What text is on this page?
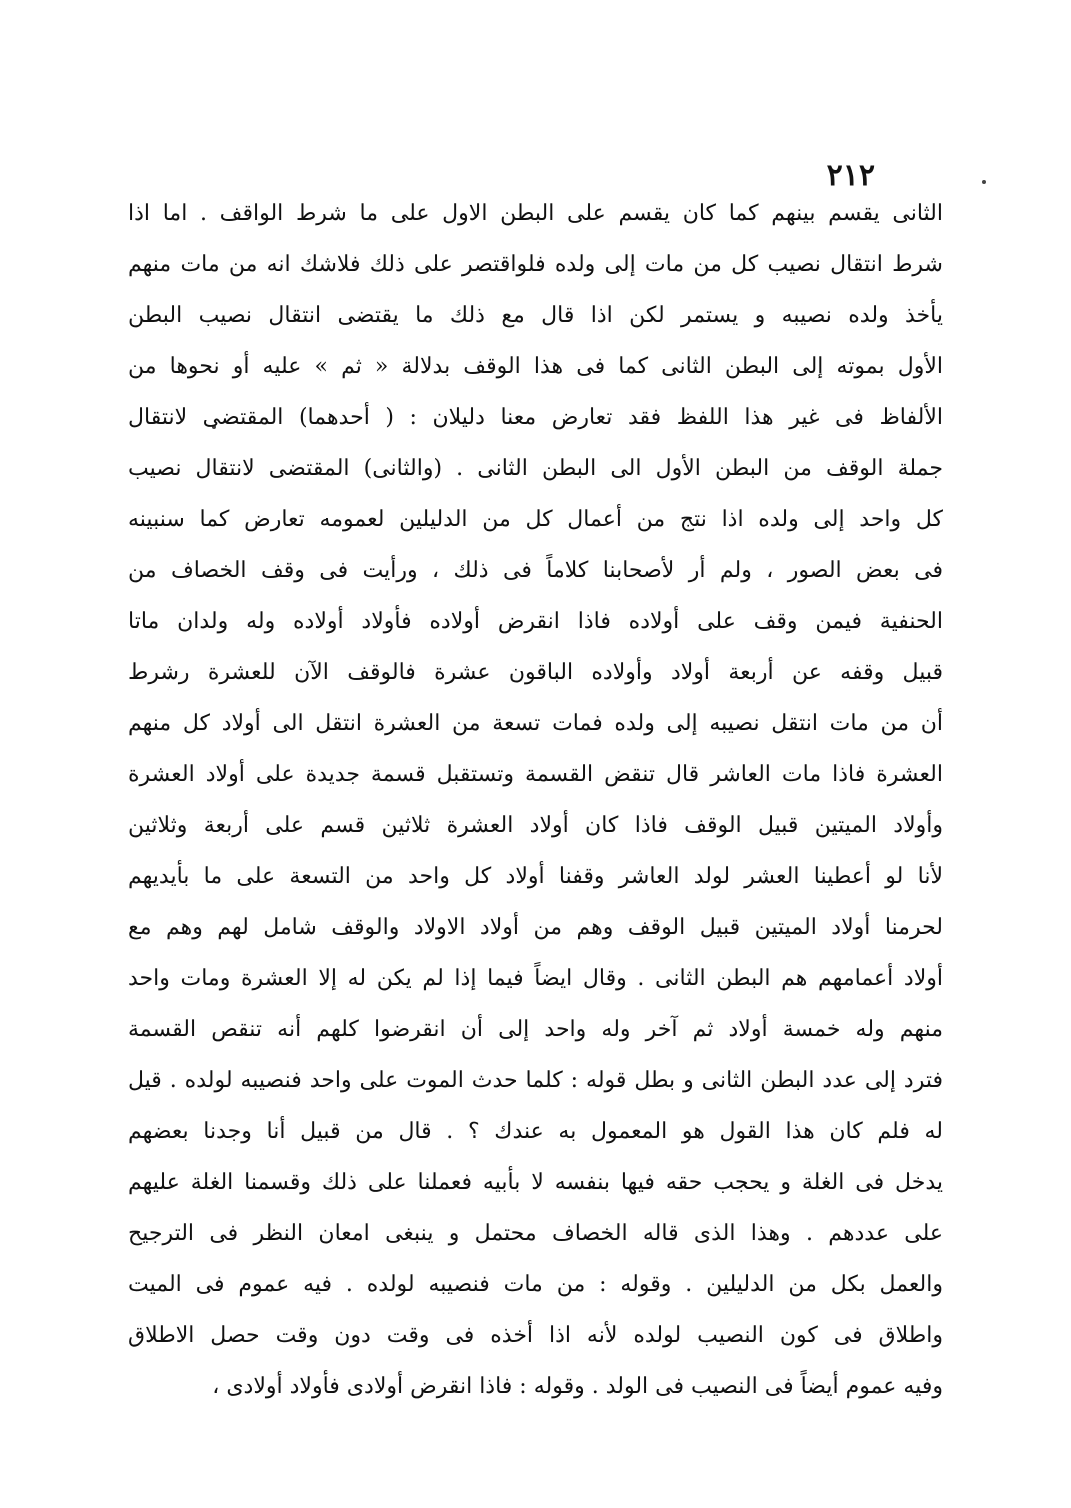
٢١٢
الثانى يقسم بينهم كما كان يقسم على البطن الاول على ما شرط الواقف . اما اذا
شرط انتقال نصيب كل من مات إلى ولده فلواقتصر على ذلك فلاشك انه من مات منهم
يأخذ ولده نصيبه و يستمر لكن اذا قال مع ذلك ما يقتضى انتقال نصيب البطن
الأول بموته إلى البطن الثانى كما فى هذا الوقف بدلالة « ثم » عليه أو نحوها من
الألفاظ فى غير هذا اللفظ فقد تعارض معنا دليلان : ( أحدهما) المقتضى لانتقال
جملة الوقف من البطن الأول الى البطن الثانى . (والثانى) المقتضى لانتقال نصيب
كل واحد إلى ولده اذا نتج من أعمال كل من الدليلين لعمومه تعارض كما سنبينه
فى بعض الصور ، ولم أر لأصحابنا كلاماً فى ذلك ، ورأيت فى وقف الخصاف من
الحنفية فيمن وقف على أولاده فاذا انقرض أولاده فأولاد أولاده وله ولدان ماتا
قبيل وقفه عن أربعة أولاد وأولاده الباقون عشرة فالوقف الآن للعشرة رشرط
أن من مات انتقل نصيبه إلى ولده فمات تسعة من العشرة انتقل الى أولاد كل منهم
العشرة فاذا مات العاشر قال تنقض القسمة وتستقبل قسمة جديدة على أولاد العشرة
وأولاد الميتين قبيل الوقف فاذا كان أولاد العشرة ثلاثين قسم على أربعة وثلاثين
لأنا لو أعطينا العشر لولد العاشر وقفنا أولاد كل واحد من التسعة على ما بأيديهم
لحرمنا أولاد الميتين قبيل الوقف وهم من أولاد الاولاد والوقف شامل لهم وهم مع
أولاد أعمامهم هم البطن الثانى . وقال ايضاً فيما إذا لم يكن له إلا العشرة ومات واحد
منهم وله خمسة أولاد ثم آخر وله واحد إلى أن انقرضوا كلهم أنه تنقص القسمة
فترد إلى عدد البطن الثانى و بطل قوله : كلما حدث الموت على واحد فنصيبه لولده . قيل
له فلم كان هذا القول هو المعمول به عندك ؟ . قال من قبيل أنا وجدنا بعضهم
يدخل فى الغلة و يحجب حقه فيها بنفسه لا بأبيه فعملنا على ذلك وقسمنا الغلة عليهم
على عددهم . وهذا الذى قاله الخصاف محتمل و ينبغى امعان النظر فى الترجيح
والعمل بكل من الدليلين . وقوله : من مات فنصيبه لولده . فيه عموم فى الميت
واطلاق فى كون النصيب لولده لأنه اذا أخذه فى وقت دون وقت حصل الاطلاق
وفيه عموم أيضاً فى النصيب فى الولد . وقوله : فاذا انقرض أولادى فأولاد أولادى ،
